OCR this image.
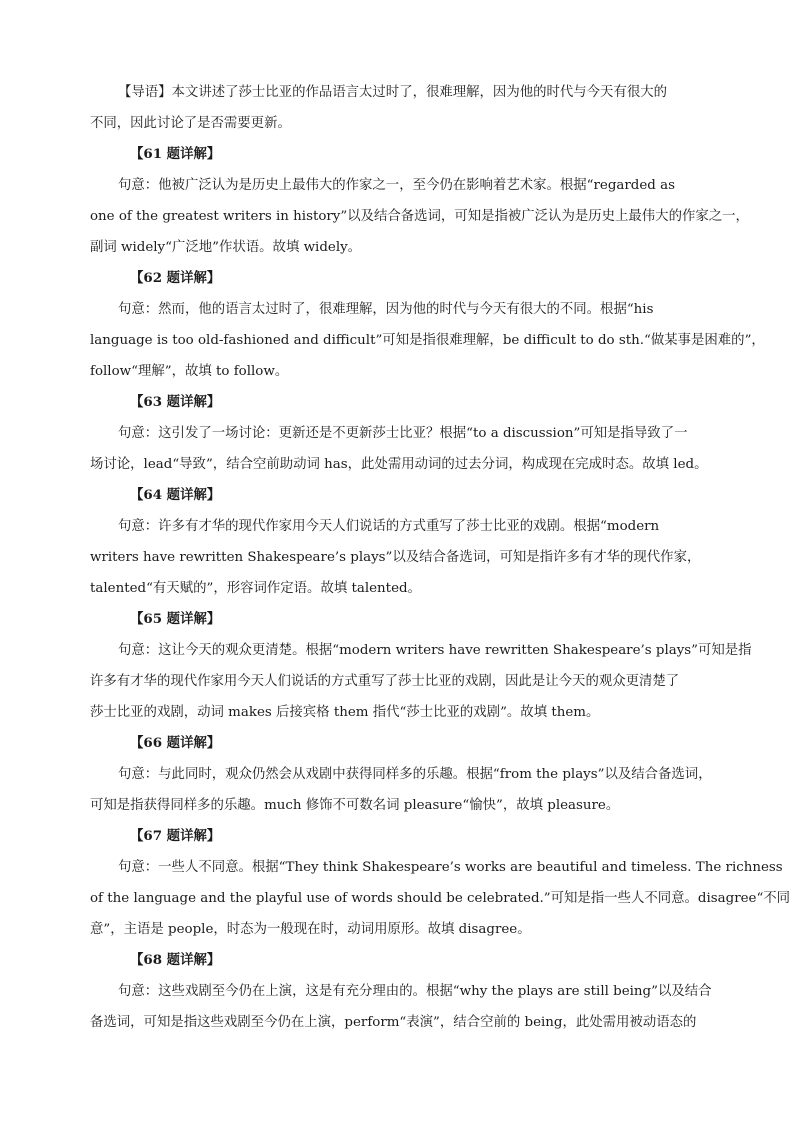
【导语】本文讲述了莎士比亚的作品语言太过时了，很难理解，因为他的时代与今天有很大的
不同，因此讨论了是否需要更新。
【61 题详解】
句意：他被广泛认为是历史上最伟大的作家之一，至今仍在影响着艺术家。根据“regarded as
one of the greatest writers in history”以及结合备选词，可知是指被广泛认为是历史上最伟大的作家之一，
副词 widely“广泛地”作状语。故填 widely。
【62 题详解】
句意：然而，他的语言太过时了，很难理解，因为他的时代与今天有很大的不同。根据“his
language is too old-fashioned and difficult”可知是指很难理解，be difficult to do sth.“做某事是困难的”，
follow“理解”，故填 to follow。
【63 题详解】
句意：这引发了一场讨论：更新还是不更新莎士比亚？根据“to a discussion”可知是指导致了一
场讨论，lead“导致”，结合空前助动词 has，此处需用动词的过去分词，构成现在完成时态。故填 led。
【64 题详解】
句意：许多有才华的现代作家用今天人们说话的方式重写了莎士比亚的戏剧。根据“modern
writers have rewritten Shakespeare’s plays”以及结合备选词，可知是指许多有才华的现代作家，
talented“有天赋的”，形容词作定语。故填 talented。
【65 题详解】
句意：这让今天的观众更清楚。根据“modern writers have rewritten Shakespeare’s plays”可知是指
许多有才华的现代作家用今天人们说话的方式重写了莎士比亚的戏剧，因此是让今天的观众更清楚了
莎士比亚的戏剧，动词 makes 后接宾格 them 指代“莎士比亚的戏剧”。故填 them。
【66 题详解】
句意：与此同时，观众仍然会从戏剧中获得同样多的乐趣。根据“from the plays”以及结合备选词，
可知是指获得同样多的乐趣。much 修饰不可数名词 pleasure“愉快”，故填 pleasure。
【67 题详解】
句意：一些人不同意。根据“They think Shakespeare’s works are beautiful and timeless. The richness
of the language and the playful use of words should be celebrated.”可知是指一些人不同意。disagree“不同
意”，主语是 people，时态为一般现在时，动词用原形。故填 disagree。
【68 题详解】
句意：这些戏剧至今仍在上演，这是有充分理由的。根据“why the plays are still being”以及结合
备选词，可知是指这些戏剧至今仍在上演，perform“表演”，结合空前的 being，此处需用被动语态的
